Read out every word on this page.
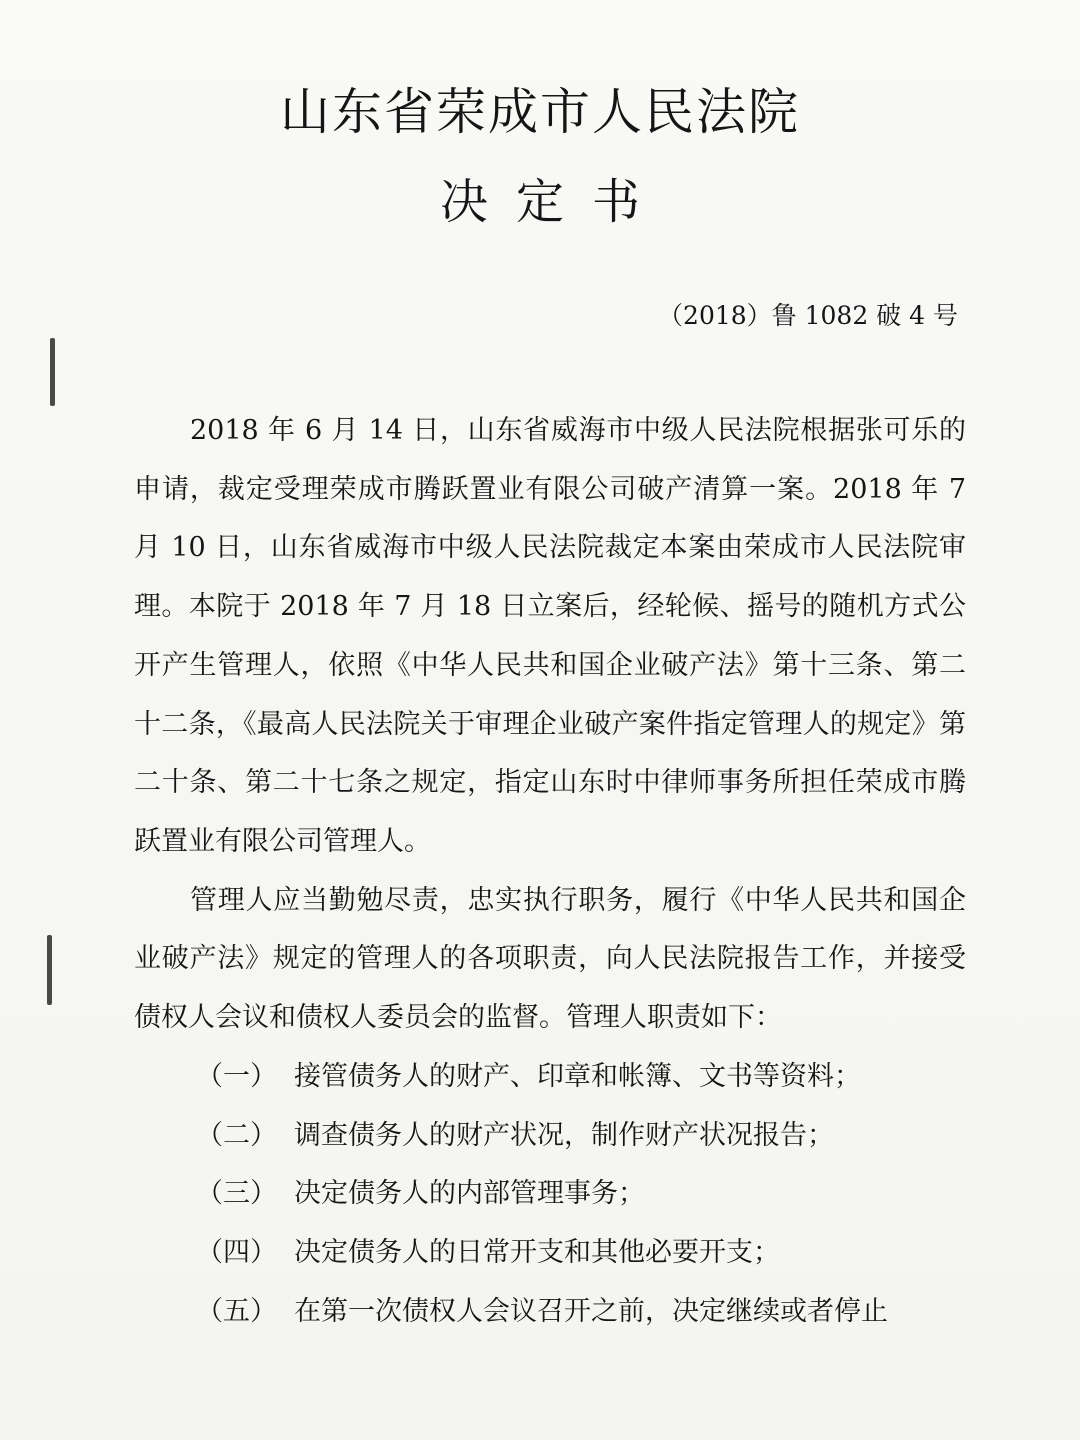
山东省荣成市人民法院
决定书
（2018）鲁 1082 破 4 号

2018 年 6 月 14 日，山东省威海市中级人民法院根据张可乐的申请，裁定受理荣成市腾跃置业有限公司破产清算一案。2018 年 7 月 10 日，山东省威海市中级人民法院裁定本案由荣成市人民法院审理。本院于 2018 年 7 月 18 日立案后，经轮候、摇号的随机方式公开产生管理人，依照《中华人民共和国企业破产法》第十三条、第二十二条，《最高人民法院关于审理企业破产案件指定管理人的规定》第二十条、第二十七条之规定，指定山东时中律师事务所担任荣成市腾跃置业有限公司管理人。

管理人应当勤勉尽责，忠实执行职务，履行《中华人民共和国企业破产法》规定的管理人的各项职责，向人民法院报告工作，并接受债权人会议和债权人委员会的监督。管理人职责如下：

（一） 接管债务人的财产、印章和帐簿、文书等资料；
（二） 调查债务人的财产状况，制作财产状况报告；
（三） 决定债务人的内部管理事务；
（四） 决定债务人的日常开支和其他必要开支；
（五） 在第一次债权人会议召开之前，决定继续或者停止
